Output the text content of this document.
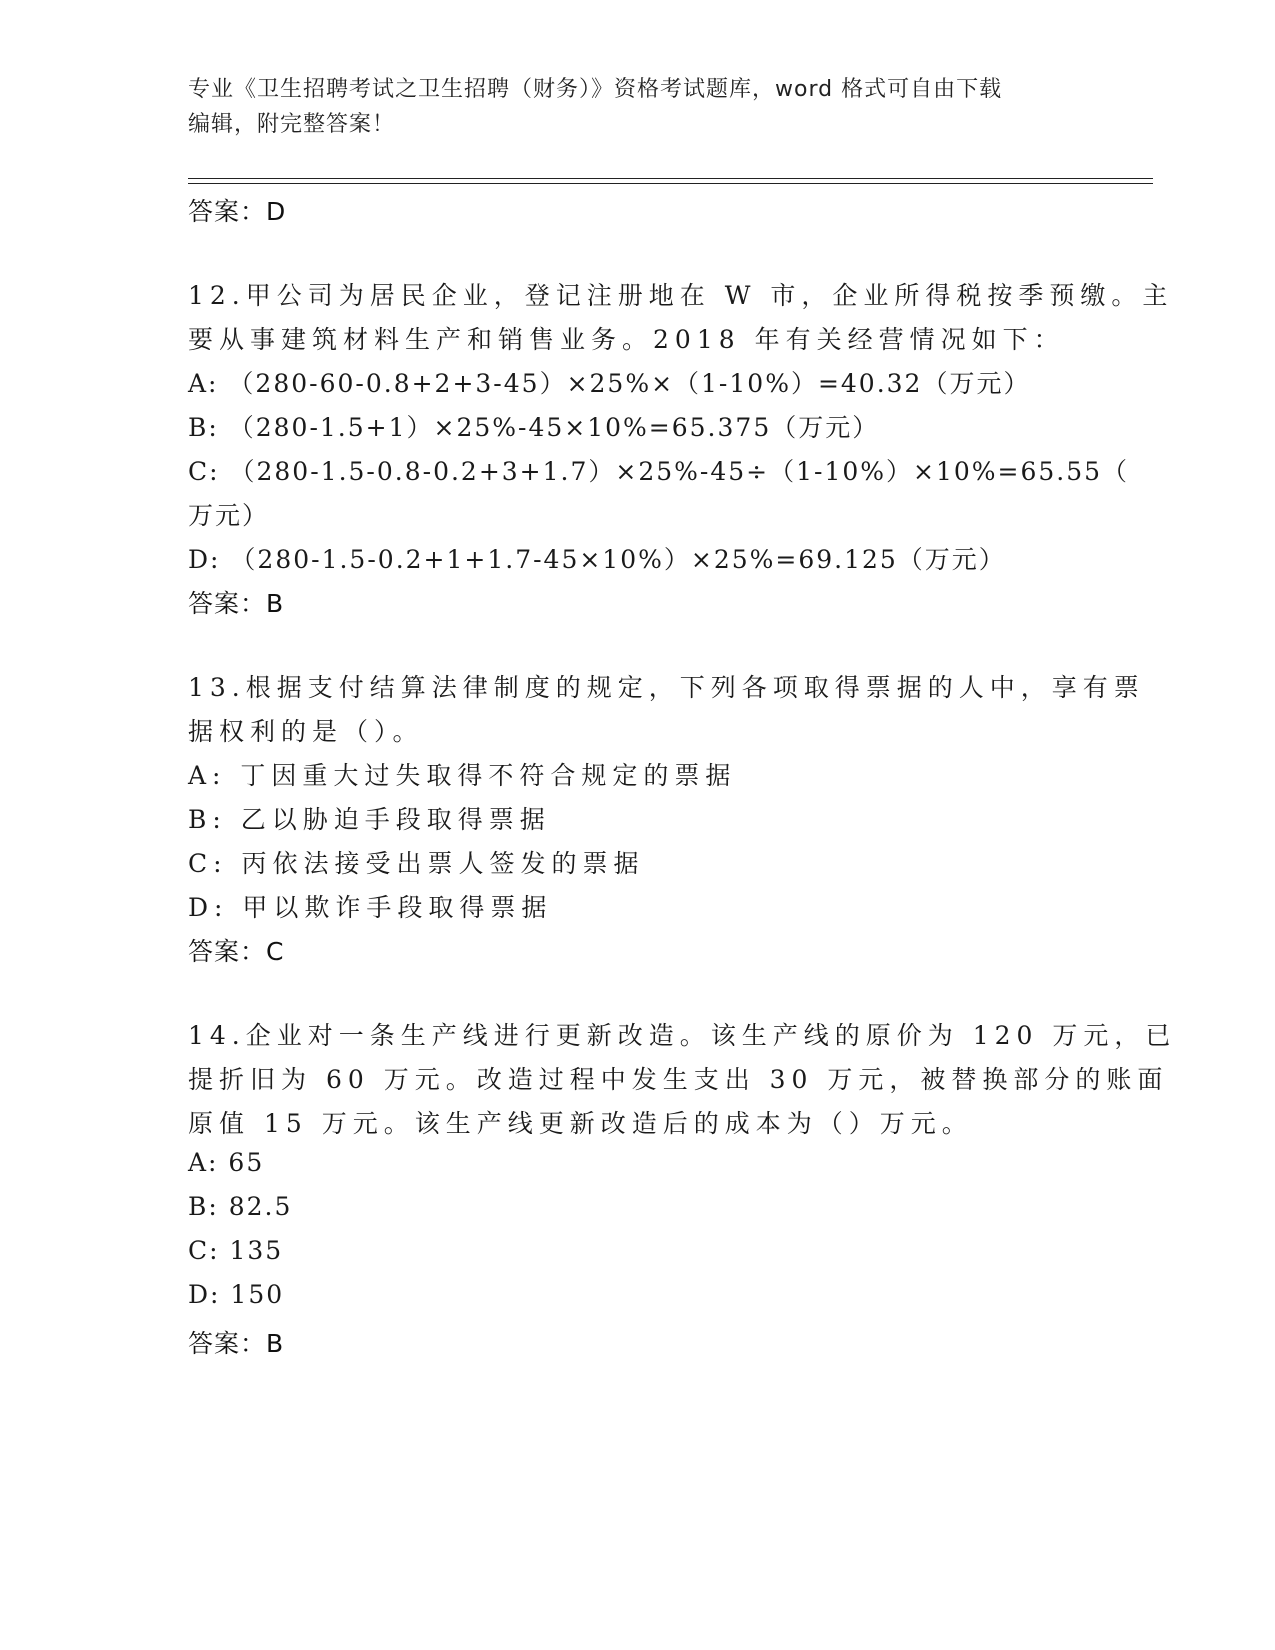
专业《卫生招聘考试之卫生招聘（财务）》资格考试题库，word 格式可自由下载
编辑，附完整答案！
答案：D
12.甲公司为居民企业，登记注册地在 W 市，企业所得税按季预缴。主
要从事建筑材料生产和销售业务。2018 年有关经营情况如下：
A: （280-60-0.8+2+3-45）×25%×（1-10%）=40.32（万元）
B: （280-1.5+1）×25%-45×10%=65.375（万元）
C: （280-1.5-0.8-0.2+3+1.7）×25%-45÷（1-10%）×10%=65.55（
万元）
D: （280-1.5-0.2+1+1.7-45×10%）×25%=69.125（万元）
答案：B
13.根据支付结算法律制度的规定，下列各项取得票据的人中，享有票
据权利的是（）。
A: 丁因重大过失取得不符合规定的票据
B: 乙以胁迫手段取得票据
C: 丙依法接受出票人签发的票据
D: 甲以欺诈手段取得票据
答案：C
14.企业对一条生产线进行更新改造。该生产线的原价为 120 万元，已
提折旧为 60 万元。改造过程中发生支出 30 万元，被替换部分的账面
原值 15 万元。该生产线更新改造后的成本为（）万元。
A: 65
B: 82.5
C: 135
D: 150
答案：B
